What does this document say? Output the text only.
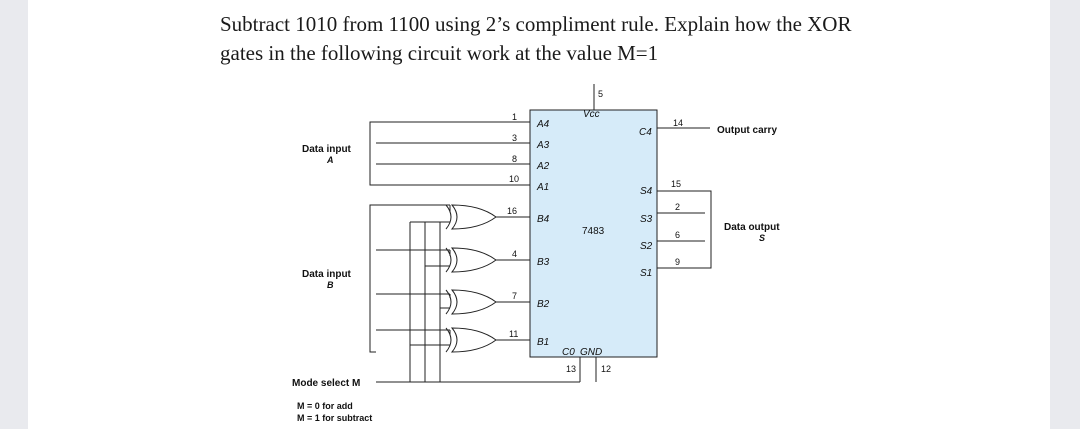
Subtract 1010 from 1100 using 2’s compliment rule. Explain how the XOR
gates in the following circuit work at the value M=1
5
Vcc
1
3
8
10
A4
A3
A2
A1
16
4
7
11
B4
B3
B2
B1
7483
C4
14
Output carry
S4
S3
S2
S1
15
2
6
9
C0 GND
13	12
Data input
A
Data input
B
Data output
S
Mode select M
M = 0 for add
M = 1 for subtract
